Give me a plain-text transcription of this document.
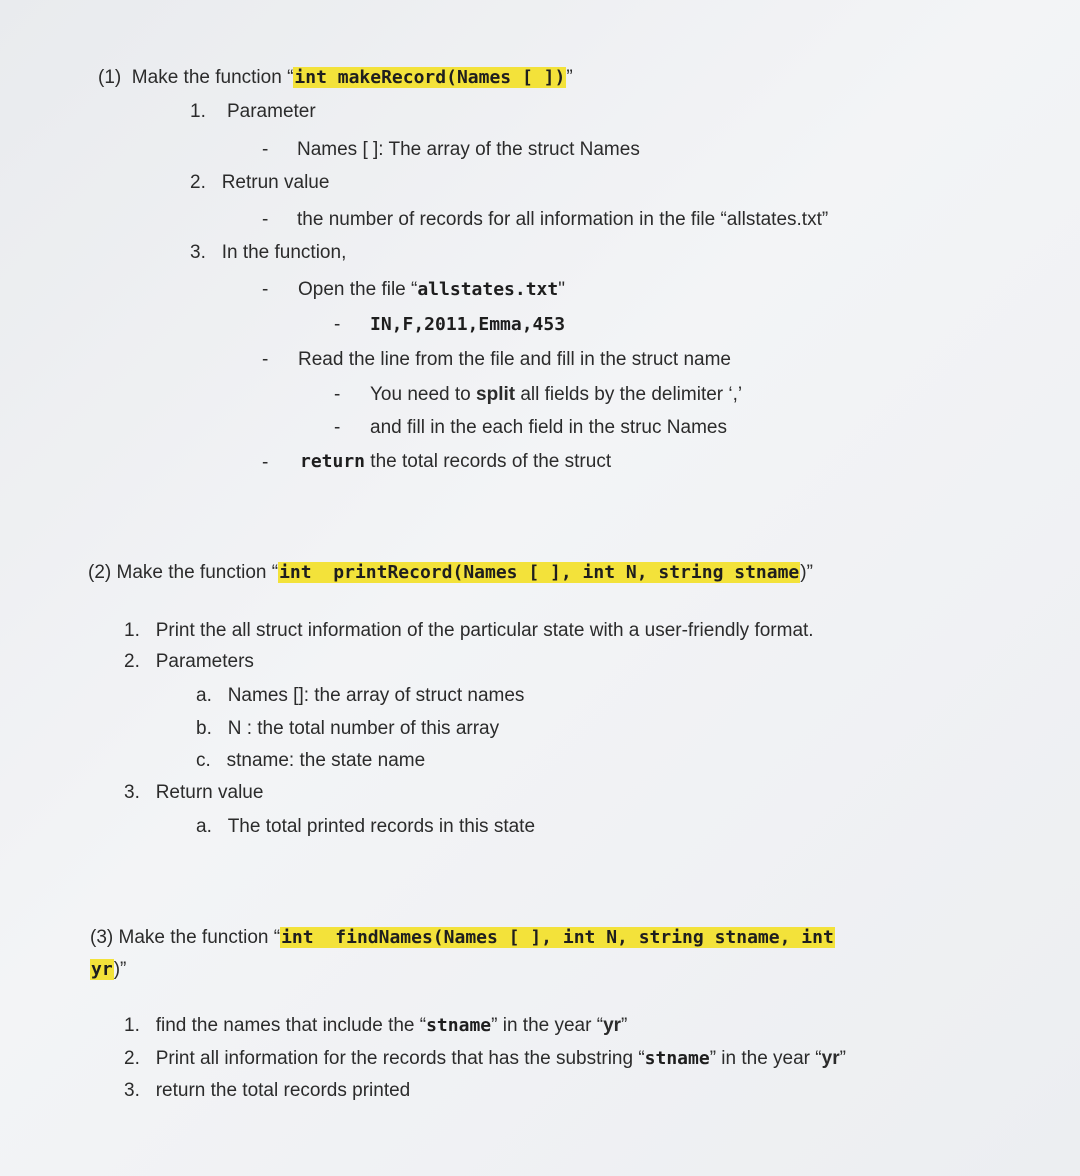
(1) Make the function “int makeRecord(Names [ ])”
1. Parameter
- Names [ ]: The array of the struct Names
2. Retrun value
- the number of records for all information in the file “allstates.txt”
3. In the function,
- Open the file “allstates.txt"
- IN,F,2011,Emma,453
- Read the line from the file and fill in the struct name
- You need to split all fields by the delimiter ‘,’
- and fill in the each field in the struc Names
- return the total records of the struct
(2) Make the function “int  printRecord(Names [ ], int N, string stname)”
1. Print the all struct information of the particular state with a user-friendly format.
2. Parameters
a. Names []: the array of struct names
b. N : the total number of this array
c. stname: the state name
3. Return value
a. The total printed records in this state
(3) Make the function “int  findNames(Names [ ], int N, string stname, int
yr)”
1. find the names that include the “stname” in the year “yr”
2. Print all information for the records that has the substring “stname” in the year “yr”
3. return the total records printed
